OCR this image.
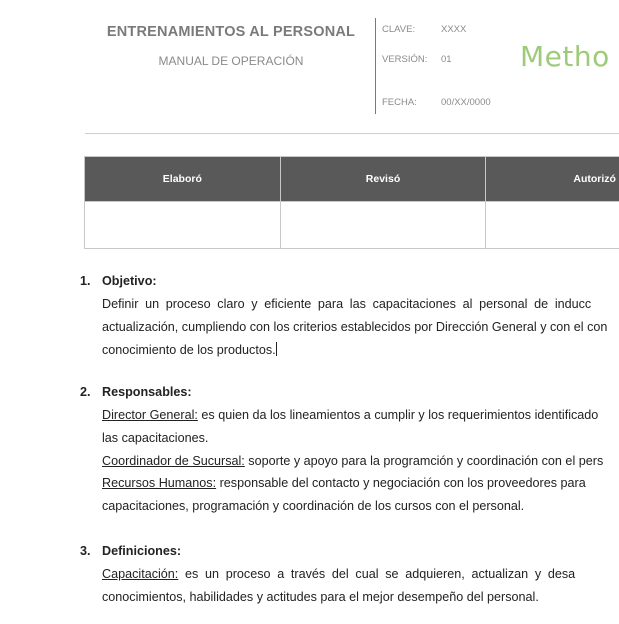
ENTRENAMIENTOS AL PERSONAL
MANUAL DE OPERACIÓN
CLAVE:	XXXX
VERSIÓN: 01
FECHA:	00/XX/0000
Metho
Elaboró	Revisó	Autorizó

1. Objetivo:
Definir un proceso claro y eficiente para las capacitaciones al personal de inducc
actualización, cumpliendo con los criterios establecidos por Dirección General y con el con
conocimiento de los productos.
2. Responsables:
Director General: es quien da los lineamientos a cumplir y los requerimientos identificado
las capacitaciones.
Coordinador de Sucursal: soporte y apoyo para la programción y coordinación con el pers
Recursos Humanos: responsable del contacto y negociación con los proveedores para
capacitaciones, programación y coordinación de los cursos con el personal.
3. Definiciones:
Capacitación: es un proceso a través del cual se adquieren, actualizan y desa
conocimientos, habilidades y actitudes para el mejor desempeño del personal.
